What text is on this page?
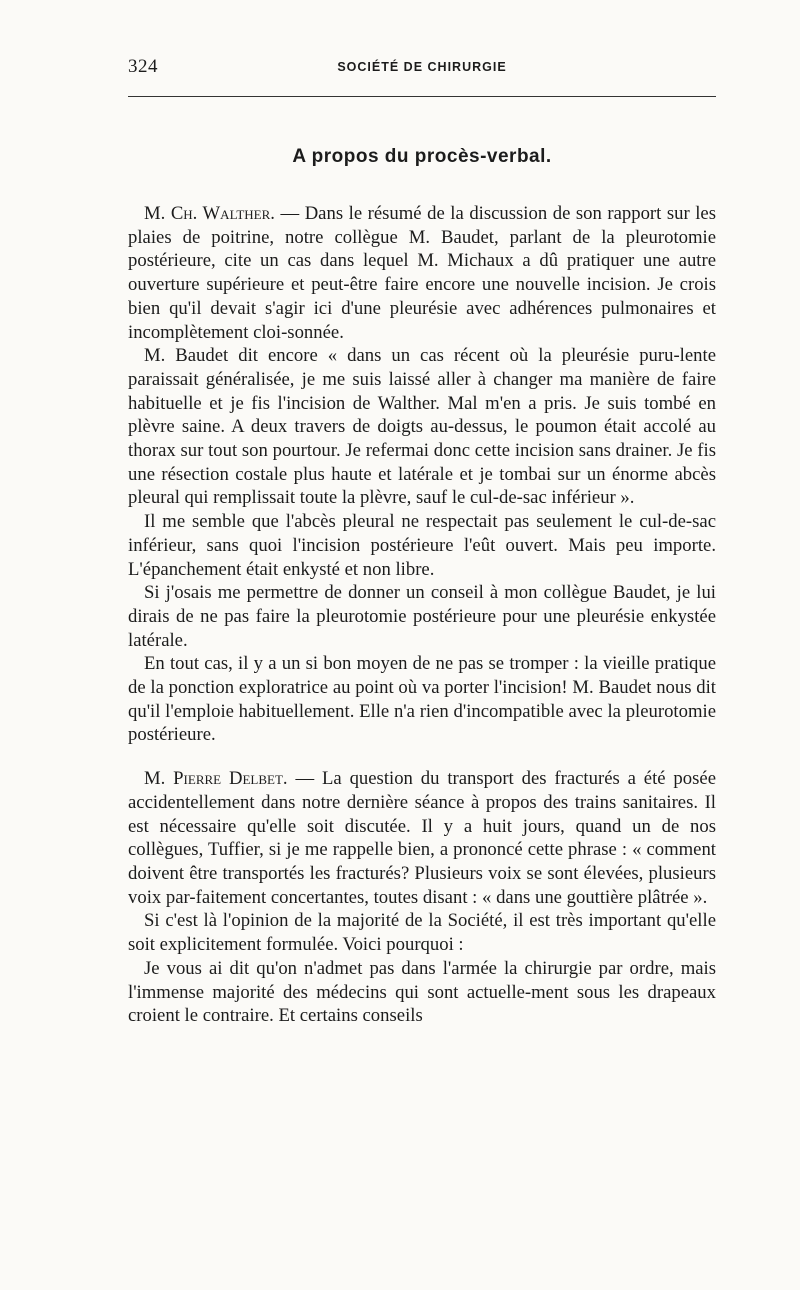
324	SOCIÉTÉ DE CHIRURGIE
A propos du procès-verbal.

M. Ch. Walther. — Dans le résumé de la discussion de son rapport sur les plaies de poitrine, notre collègue M. Baudet, parlant de la pleurotomie postérieure, cite un cas dans lequel M. Michaux a dû pratiquer une autre ouverture supérieure et peut-être faire encore une nouvelle incision. Je crois bien qu'il devait s'agir ici d'une pleurésie avec adhérences pulmonaires et incomplètement cloi-sonnée.

M. Baudet dit encore « dans un cas récent où la pleurésie puru-lente paraissait généralisée, je me suis laissé aller à changer ma manière de faire habituelle et je fis l'incision de Walther. Mal m'en a pris. Je suis tombé en plèvre saine. A deux travers de doigts au-dessus, le poumon était accolé au thorax sur tout son pourtour. Je refermai donc cette incision sans drainer. Je fis une résection costale plus haute et latérale et je tombai sur un énorme abcès pleural qui remplissait toute la plèvre, sauf le cul-de-sac inférieur ».

Il me semble que l'abcès pleural ne respectait pas seulement le cul-de-sac inférieur, sans quoi l'incision postérieure l'eût ouvert. Mais peu importe. L'épanchement était enkysté et non libre.

Si j'osais me permettre de donner un conseil à mon collègue Baudet, je lui dirais de ne pas faire la pleurotomie postérieure pour une pleurésie enkystée latérale.

En tout cas, il y a un si bon moyen de ne pas se tromper : la vieille pratique de la ponction exploratrice au point où va porter l'incision! M. Baudet nous dit qu'il l'emploie habituellement. Elle n'a rien d'incompatible avec la pleurotomie postérieure.

M. Pierre Delbet. — La question du transport des fracturés a été posée accidentellement dans notre dernière séance à propos des trains sanitaires. Il est nécessaire qu'elle soit discutée. Il y a huit jours, quand un de nos collègues, Tuffier, si je me rappelle bien, a prononcé cette phrase : « comment doivent être transportés les fracturés? Plusieurs voix se sont élevées, plusieurs voix par-faitement concertantes, toutes disant : « dans une gouttière plâtrée ».

Si c'est là l'opinion de la majorité de la Société, il est très important qu'elle soit explicitement formulée. Voici pourquoi :

Je vous ai dit qu'on n'admet pas dans l'armée la chirurgie par ordre, mais l'immense majorité des médecins qui sont actuelle-ment sous les drapeaux croient le contraire. Et certains conseils
